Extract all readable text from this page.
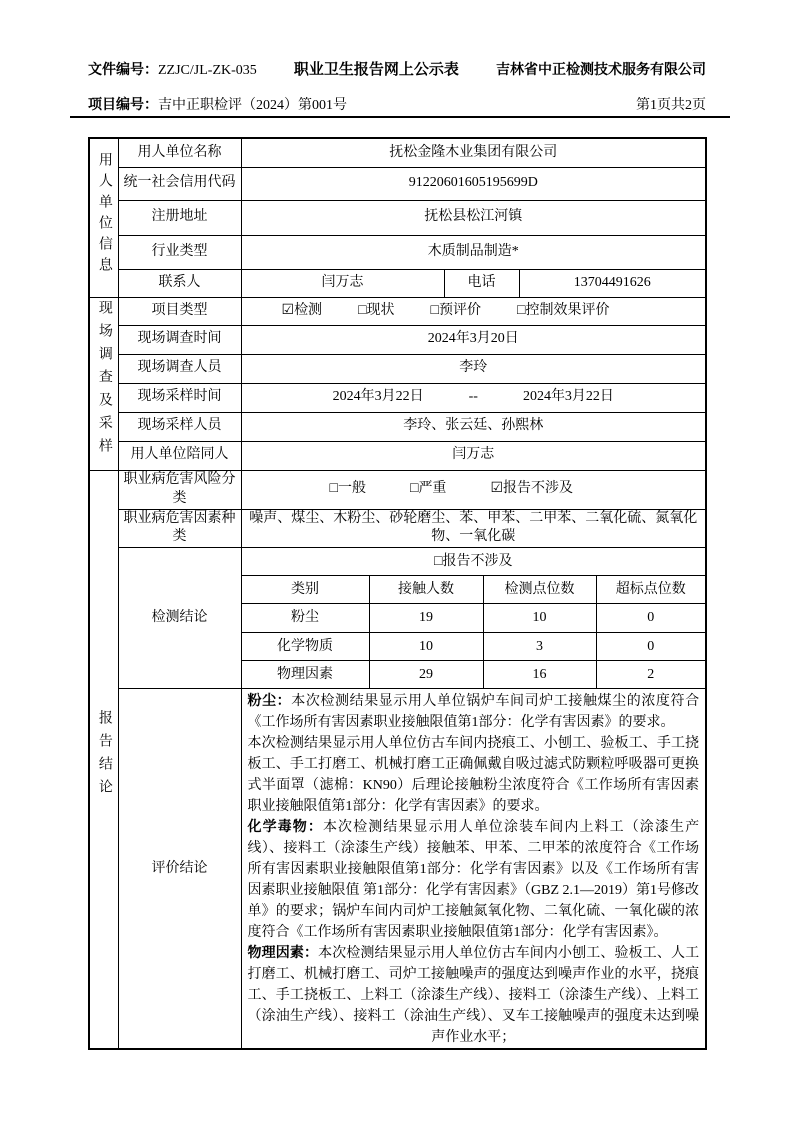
文件编号：ZZJC/JL-ZK-035 职业卫生报告网上公示表	吉林省中正检测技术服务有限公司
项目编号：吉中正职检评（2024）第001号	第1页共2页
用人单位信息	用人单位名称	抚松金隆木业集团有限公司					
	统一社会信用代码	91220601605195699D					
	注册地址	抚松县松江河镇					
	行业类型	木质制品制造*					
	联系人	闫万志		电话		13704491626	
现场调查及采样	项目类型	☑检测 □现状 □预评价 □控制效果评价					

	现场调查时间	2024年3月20日					
	现场调查人员	李玲					
	现场采样时间	2024年3月22日 -- 2024年3月22日					

	现场采样人员	李玲、张云廷、孙熙林					
	用人单位陪同人	闫万志					
报告结论	职业病危害风险分类	□一般 □严重 ☑报告不涉及					

	职业病危害因素种类	噪声、煤尘、木粉尘、砂轮磨尘、苯、甲苯、二甲苯、二氧化硫、氮氧化物、一氧化碳					
	检测结论	□报告不涉及					
		类别	接触人数		检测点位数		超标点位数
		粉尘	19		10		0
		化学物质	10		3		0
		物理因素	29		16		2
	评价结论	粉尘：本次检测结果显示用人单位锅炉车间司炉工接触煤尘的浓度符合《工作场所有害因素职业接触限值第1部分：化学有害因素》的要求。

本次检测结果显示用人单位仿古车间内挠痕工、小刨工、验板工、手工挠板工、手工打磨工、机械打磨工正确佩戴自吸过滤式防颗粒呼吸器可更换式半面罩（滤棉：KN90）后理论接触粉尘浓度符合《工作场所有害因素职业接触限值第1部分：化学有害因素》的要求。

化学毒物：本次检测结果显示用人单位涂装车间内上料工（涂漆生产线）、接料工（涂漆生产线）接触苯、甲苯、二甲苯的浓度符合《工作场所有害因素职业接触限值第1部分：化学有害因素》以及《工作场所有害因素职业接触限值 第1部分：化学有害因素》（GBZ 2.1—2019）第1号修改单》的要求；锅炉车间内司炉工接触氮氧化物、二氧化硫、一氧化碳的浓度符合《工作场所有害因素职业接触限值第1部分：化学有害因素》。

物理因素：本次检测结果显示用人单位仿古车间内小刨工、验板工、人工打磨工、机械打磨工、司炉工接触噪声的强度达到噪声作业的水平，挠痕工、手工挠板工、上料工（涂漆生产线）、接料工（涂漆生产线）、上料工（涂油生产线）、接料工（涂油生产线）、叉车工接触噪声的强度未达到噪声作业水平；					
